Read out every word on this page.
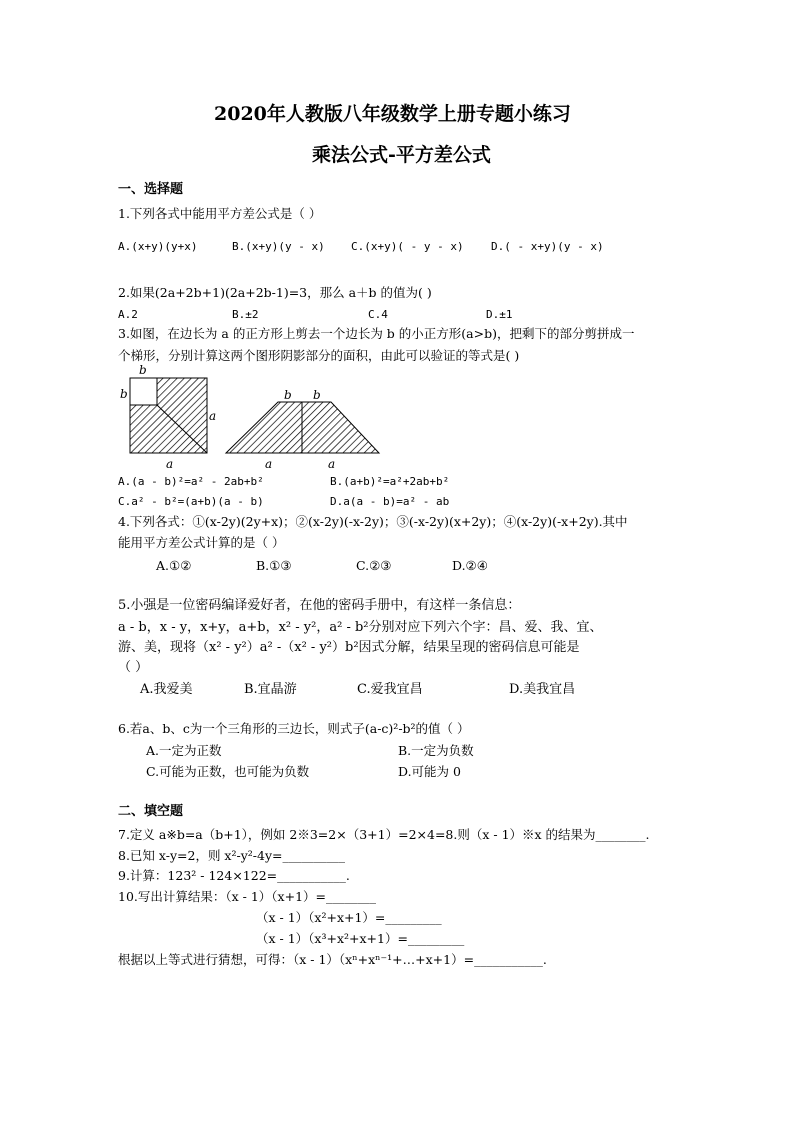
2020年人教版八年级数学上册专题小练习
乘法公式-平方差公式
一、选择题
1.下列各式中能用平方差公式是（ ）
A.(x+y)(y+x)	B.(x+y)(y - x) C.(x+y)( - y - x) D.( - x+y)(y - x)
2.如果(2a+2b+1)(2a+2b-1)=3，那么 a＋b 的值为( )
A.2	B.±2	C.4	D.±1
3.如图，在边长为 a 的正方形上剪去一个边长为 b 的小正方形(a>b)，把剩下的部分剪拼成一
个梯形，分别计算这两个图形阴影部分的面积，由此可以验证的等式是( )
b
b
a
a
b b
a	a
A.(a - b)²=a² - 2ab+b²	B.(a+b)²=a²+2ab+b²
C.a² - b²=(a+b)(a - b)	D.a(a - b)=a² - ab
4.下列各式：①(x-2y)(2y+x)；②(x-2y)(-x-2y)；③(-x-2y)(x+2y)；④(x-2y)(-x+2y).其中
能用平方差公式计算的是（ ）
A.①②	B.①③	C.②③	D.②④
5.小强是一位密码编译爱好者，在他的密码手册中，有这样一条信息：
a - b，x - y，x+y，a+b，x² - y²，a² - b²分别对应下列六个字：昌、爱、我、宜、
游、美，现将（x² - y²）a² -（x² - y²）b²因式分解，结果呈现的密码信息可能是
（ ）
A.我爱美	B.宜晶游	C.爱我宜昌	D.美我宜昌
6.若a、b、c为一个三角形的三边长，则式子(a-c)²-b²的值（ ）
A.一定为正数	B.一定为负数
C.可能为正数，也可能为负数	D.可能为 0
二、填空题
7.定义 a※b=a（b+1），例如 2※3=2×（3+1）=2×4=8.则（x - 1）※x 的结果为________.
8.已知 x-y=2，则 x²-y²-4y=__________
9.计算：123² - 124×122=___________.
10.写出计算结果：（x - 1）（x+1）=________
（x - 1）（x²+x+1）=_________
（x - 1）（x³+x²+x+1）=_________
根据以上等式进行猜想，可得：（x - 1）（xⁿ+xⁿ⁻¹+…+x+1）=___________.
